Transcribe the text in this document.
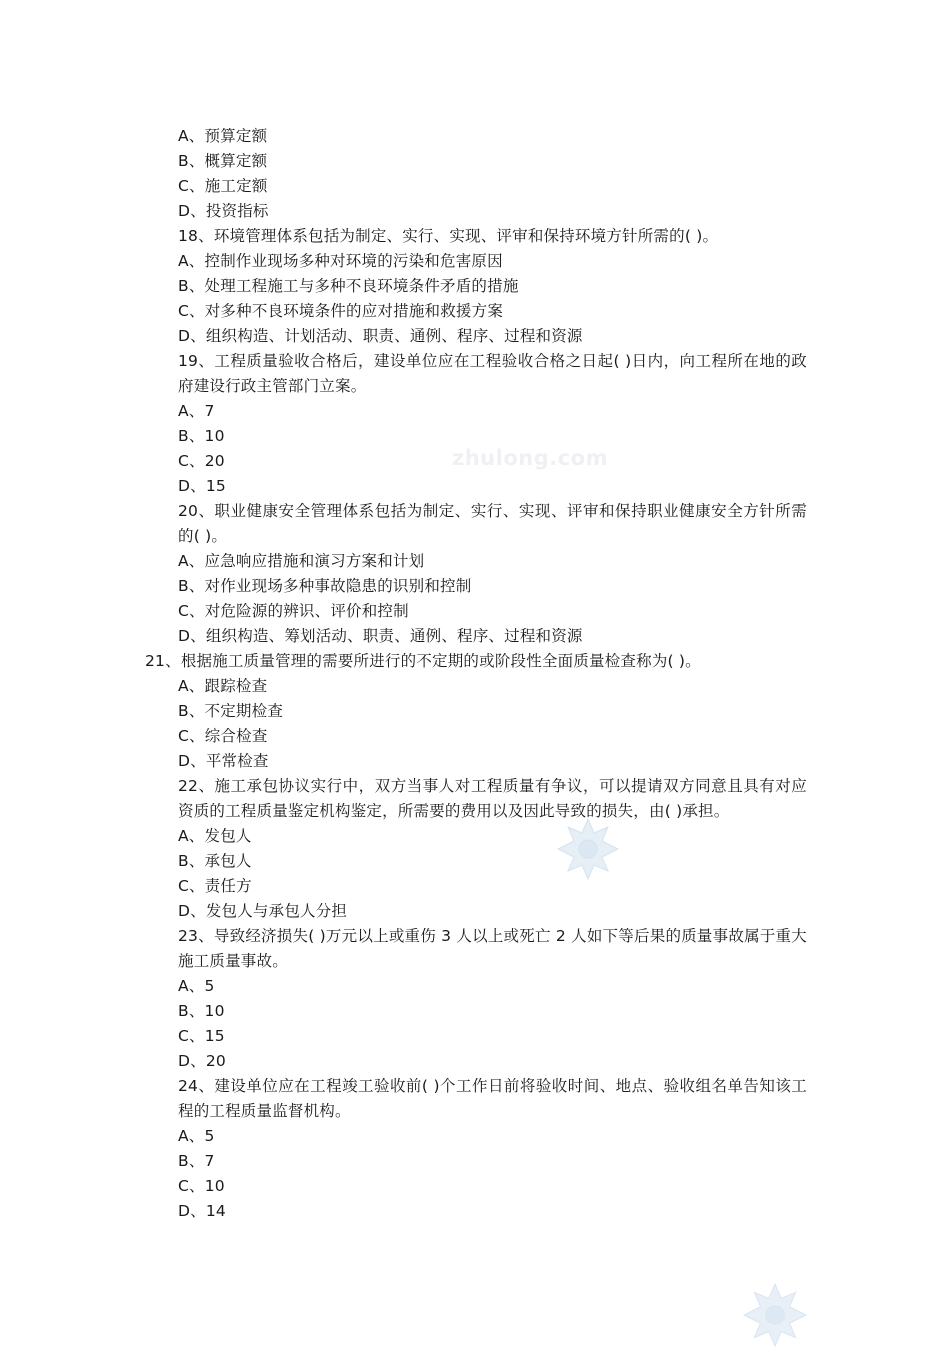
zhulong.com
A、预算定额
B、概算定额
C、施工定额
D、投资指标
18、环境管理体系包括为制定、实行、实现、评审和保持环境方针所需的( )。
A、控制作业现场多种对环境的污染和危害原因
B、处理工程施工与多种不良环境条件矛盾的措施
C、对多种不良环境条件的应对措施和救援方案
D、组织构造、计划活动、职责、通例、程序、过程和资源
19、工程质量验收合格后，建设单位应在工程验收合格之日起( )日内，向工程所在地的政府建设行政主管部门立案。
A、7
B、10
C、20
D、15
20、职业健康安全管理体系包括为制定、实行、实现、评审和保持职业健康安全方针所需的( )。
A、应急响应措施和演习方案和计划
B、对作业现场多种事故隐患的识别和控制
C、对危险源的辨识、评价和控制
D、组织构造、筹划活动、职责、通例、程序、过程和资源
21、根据施工质量管理的需要所进行的不定期的或阶段性全面质量检查称为( )。
A、跟踪检查
B、不定期检查
C、综合检查
D、平常检查
22、施工承包协议实行中，双方当事人对工程质量有争议，可以提请双方同意且具有对应资质的工程质量鉴定机构鉴定，所需要的费用以及因此导致的损失，由( )承担。
A、发包人
B、承包人
C、责任方
D、发包人与承包人分担
23、导致经济损失( )万元以上或重伤 3 人以上或死亡 2 人如下等后果的质量事故属于重大施工质量事故。
A、5
B、10
C、15
D、20
24、建设单位应在工程竣工验收前( )个工作日前将验收时间、地点、验收组名单告知该工程的工程质量监督机构。
A、5
B、7
C、10
D、14
